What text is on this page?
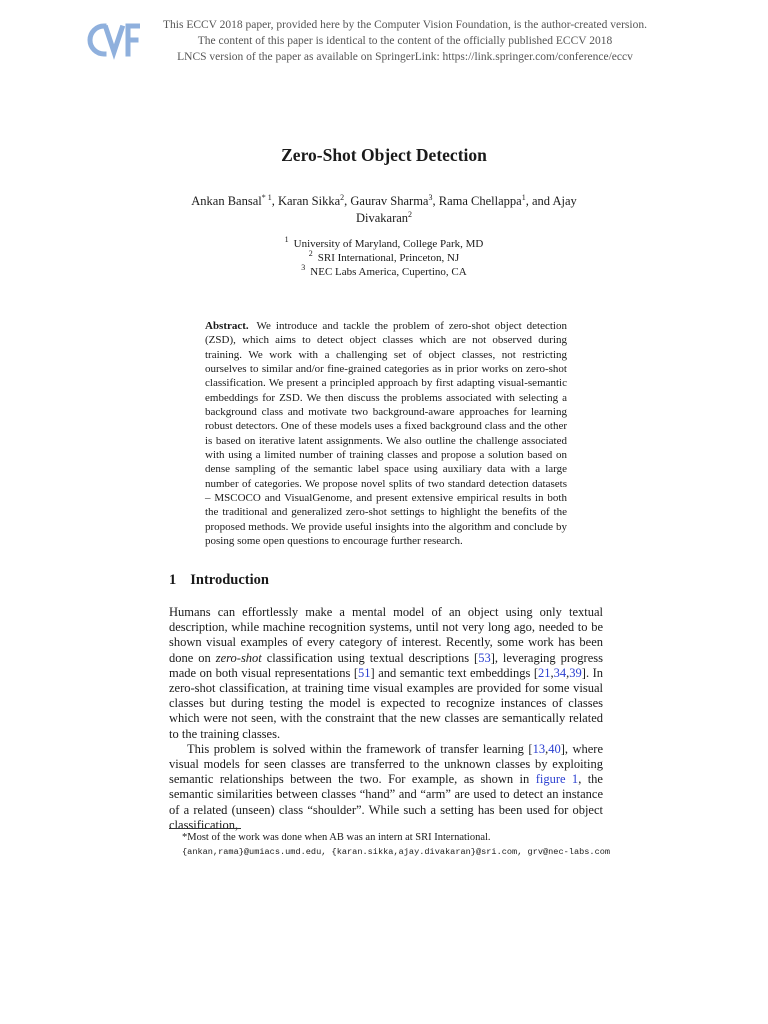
This ECCV 2018 paper, provided here by the Computer Vision Foundation, is the author-created version.
The content of this paper is identical to the content of the officially published ECCV 2018
LNCS version of the paper as available on SpringerLink: https://link.springer.com/conference/eccv
Zero-Shot Object Detection
Ankan Bansal$^{* 1}$, Karan Sikka$^2$, Gaurav Sharma$^3$, Rama Chellappa$^1$, and Ajay Divakaran$^2$
$^1$ University of Maryland, College Park, MD
$^2$ SRI International, Princeton, NJ
$^3$ NEC Labs America, Cupertino, CA
Abstract. We introduce and tackle the problem of zero-shot object detection (ZSD), which aims to detect object classes which are not observed during training. We work with a challenging set of object classes, not restricting ourselves to similar and/or fine-grained categories as in prior works on zero-shot classification. We present a principled approach by first adapting visual-semantic embeddings for ZSD. We then discuss the problems associated with selecting a background class and motivate two background-aware approaches for learning robust detectors. One of these models uses a fixed background class and the other is based on iterative latent assignments. We also outline the challenge associated with using a limited number of training classes and propose a solution based on dense sampling of the semantic label space using auxiliary data with a large number of categories. We propose novel splits of two standard detection datasets – MSCOCO and VisualGenome, and present extensive empirical results in both the traditional and generalized zero-shot settings to highlight the benefits of the proposed methods. We provide useful insights into the algorithm and conclude by posing some open questions to encourage further research.
1 Introduction

Humans can effortlessly make a mental model of an object using only textual description, while machine recognition systems, until not very long ago, needed to be shown visual examples of every category of interest. Recently, some work has been done on zero-shot classification using textual descriptions [53], leveraging progress made on both visual representations [51] and semantic text embeddings [21,34,39]. In zero-shot classification, at training time visual examples are provided for some visual classes but during testing the model is expected to recognize instances of classes which were not seen, with the constraint that the new classes are semantically related to the training classes.

This problem is solved within the framework of transfer learning [13,40], where visual models for seen classes are transferred to the unknown classes by exploiting semantic relationships between the two. For example, as shown in figure 1, the semantic similarities between classes “hand” and “arm” are used to detect an instance of a related (unseen) class “shoulder”. While such a setting has been used for object classification,

*Most of the work was done when AB was an intern at SRI International.
{ankan,rama}@umiacs.umd.edu, {karan.sikka,ajay.divakaran}@sri.com, grv@nec-labs.com
